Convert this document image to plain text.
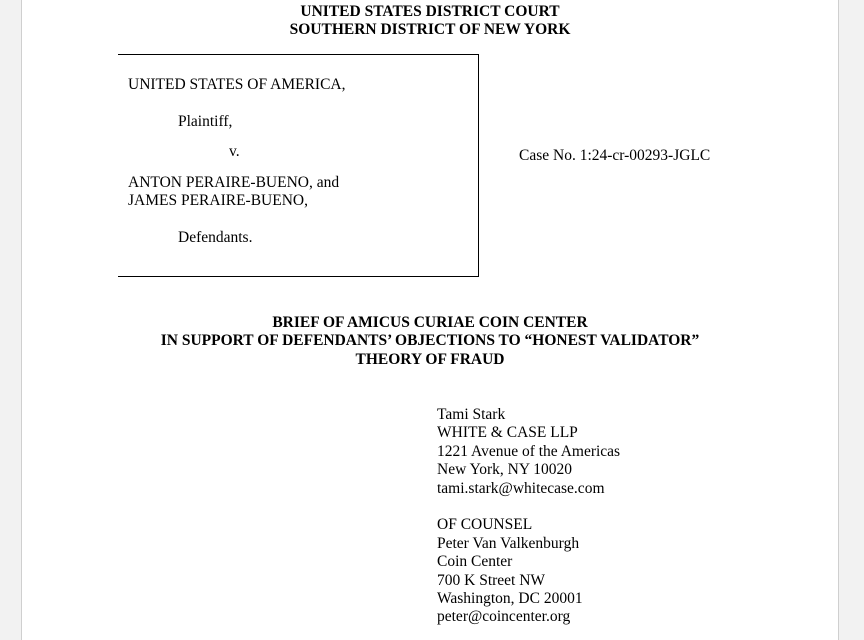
UNITED STATES DISTRICT COURT
SOUTHERN DISTRICT OF NEW YORK
UNITED STATES OF AMERICA,
Plaintiff,
v.
ANTON PERAIRE-BUENO, and
JAMES PERAIRE-BUENO,
Defendants.
Case No. 1:24-cr-00293-JGLC
BRIEF OF AMICUS CURIAE COIN CENTER
IN SUPPORT OF DEFENDANTS’ OBJECTIONS TO “HONEST VALIDATOR”
THEORY OF FRAUD
Tami Stark
WHITE & CASE LLP
1221 Avenue of the Americas
New York, NY 10020
tami.stark@whitecase.com
OF COUNSEL
Peter Van Valkenburgh
Coin Center
700 K Street NW
Washington, DC 20001
peter@coincenter.org
